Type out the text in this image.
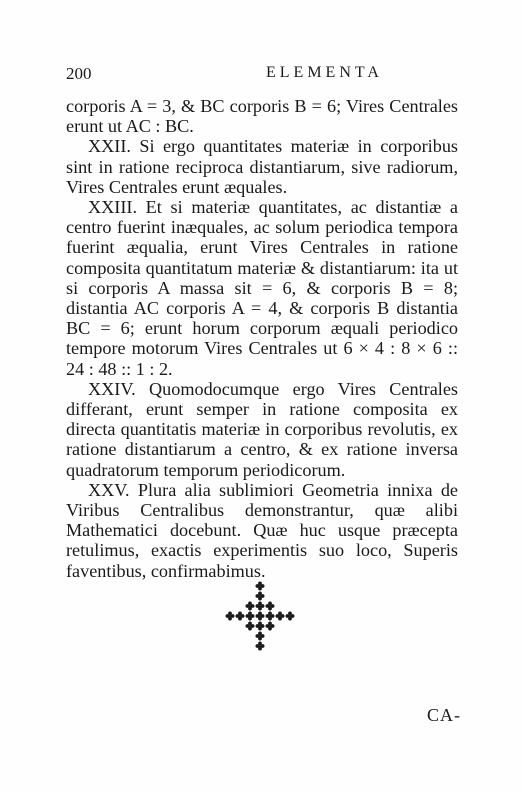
200	ELEMENTA

corporis A = 3, & BC corporis B = 6; Vires Centrales erunt ut AC : BC.

XXII. Si ergo quantitates materiæ in corporibus sint in ratione reciproca distantiarum, sive radiorum, Vires Centrales erunt æquales.

XXIII. Et si materiæ quantitates, ac distantiæ a centro fuerint inæquales, ac solum periodica tempora fuerint æqualia, erunt Vires Centrales in ratione composita quantitatum materiæ & distantiarum: ita ut si corporis A massa sit = 6, & corporis B = 8; distantia AC corporis A = 4, & corporis B distantia BC = 6; erunt horum corporum æquali periodico tempore motorum Vires Centrales ut 6 × 4 : 8 × 6 :: 24 : 48 :: 1 : 2.

XXIV. Quomodocumque ergo Vires Centrales differant, erunt semper in ratione composita ex directa quantitatis materiæ in corporibus revolutis, ex ratione distantiarum a centro, & ex ratione inversa quadratorum temporum periodicorum.

XXV. Plura alia sublimiori Geometria innixa de Viribus Centralibus demonstrantur, quæ alibi Mathematici docebunt. Quæ huc usque præcepta retulimus, exactis experimentis suo loco, Superis faventibus, confirmabimus.

CA-
